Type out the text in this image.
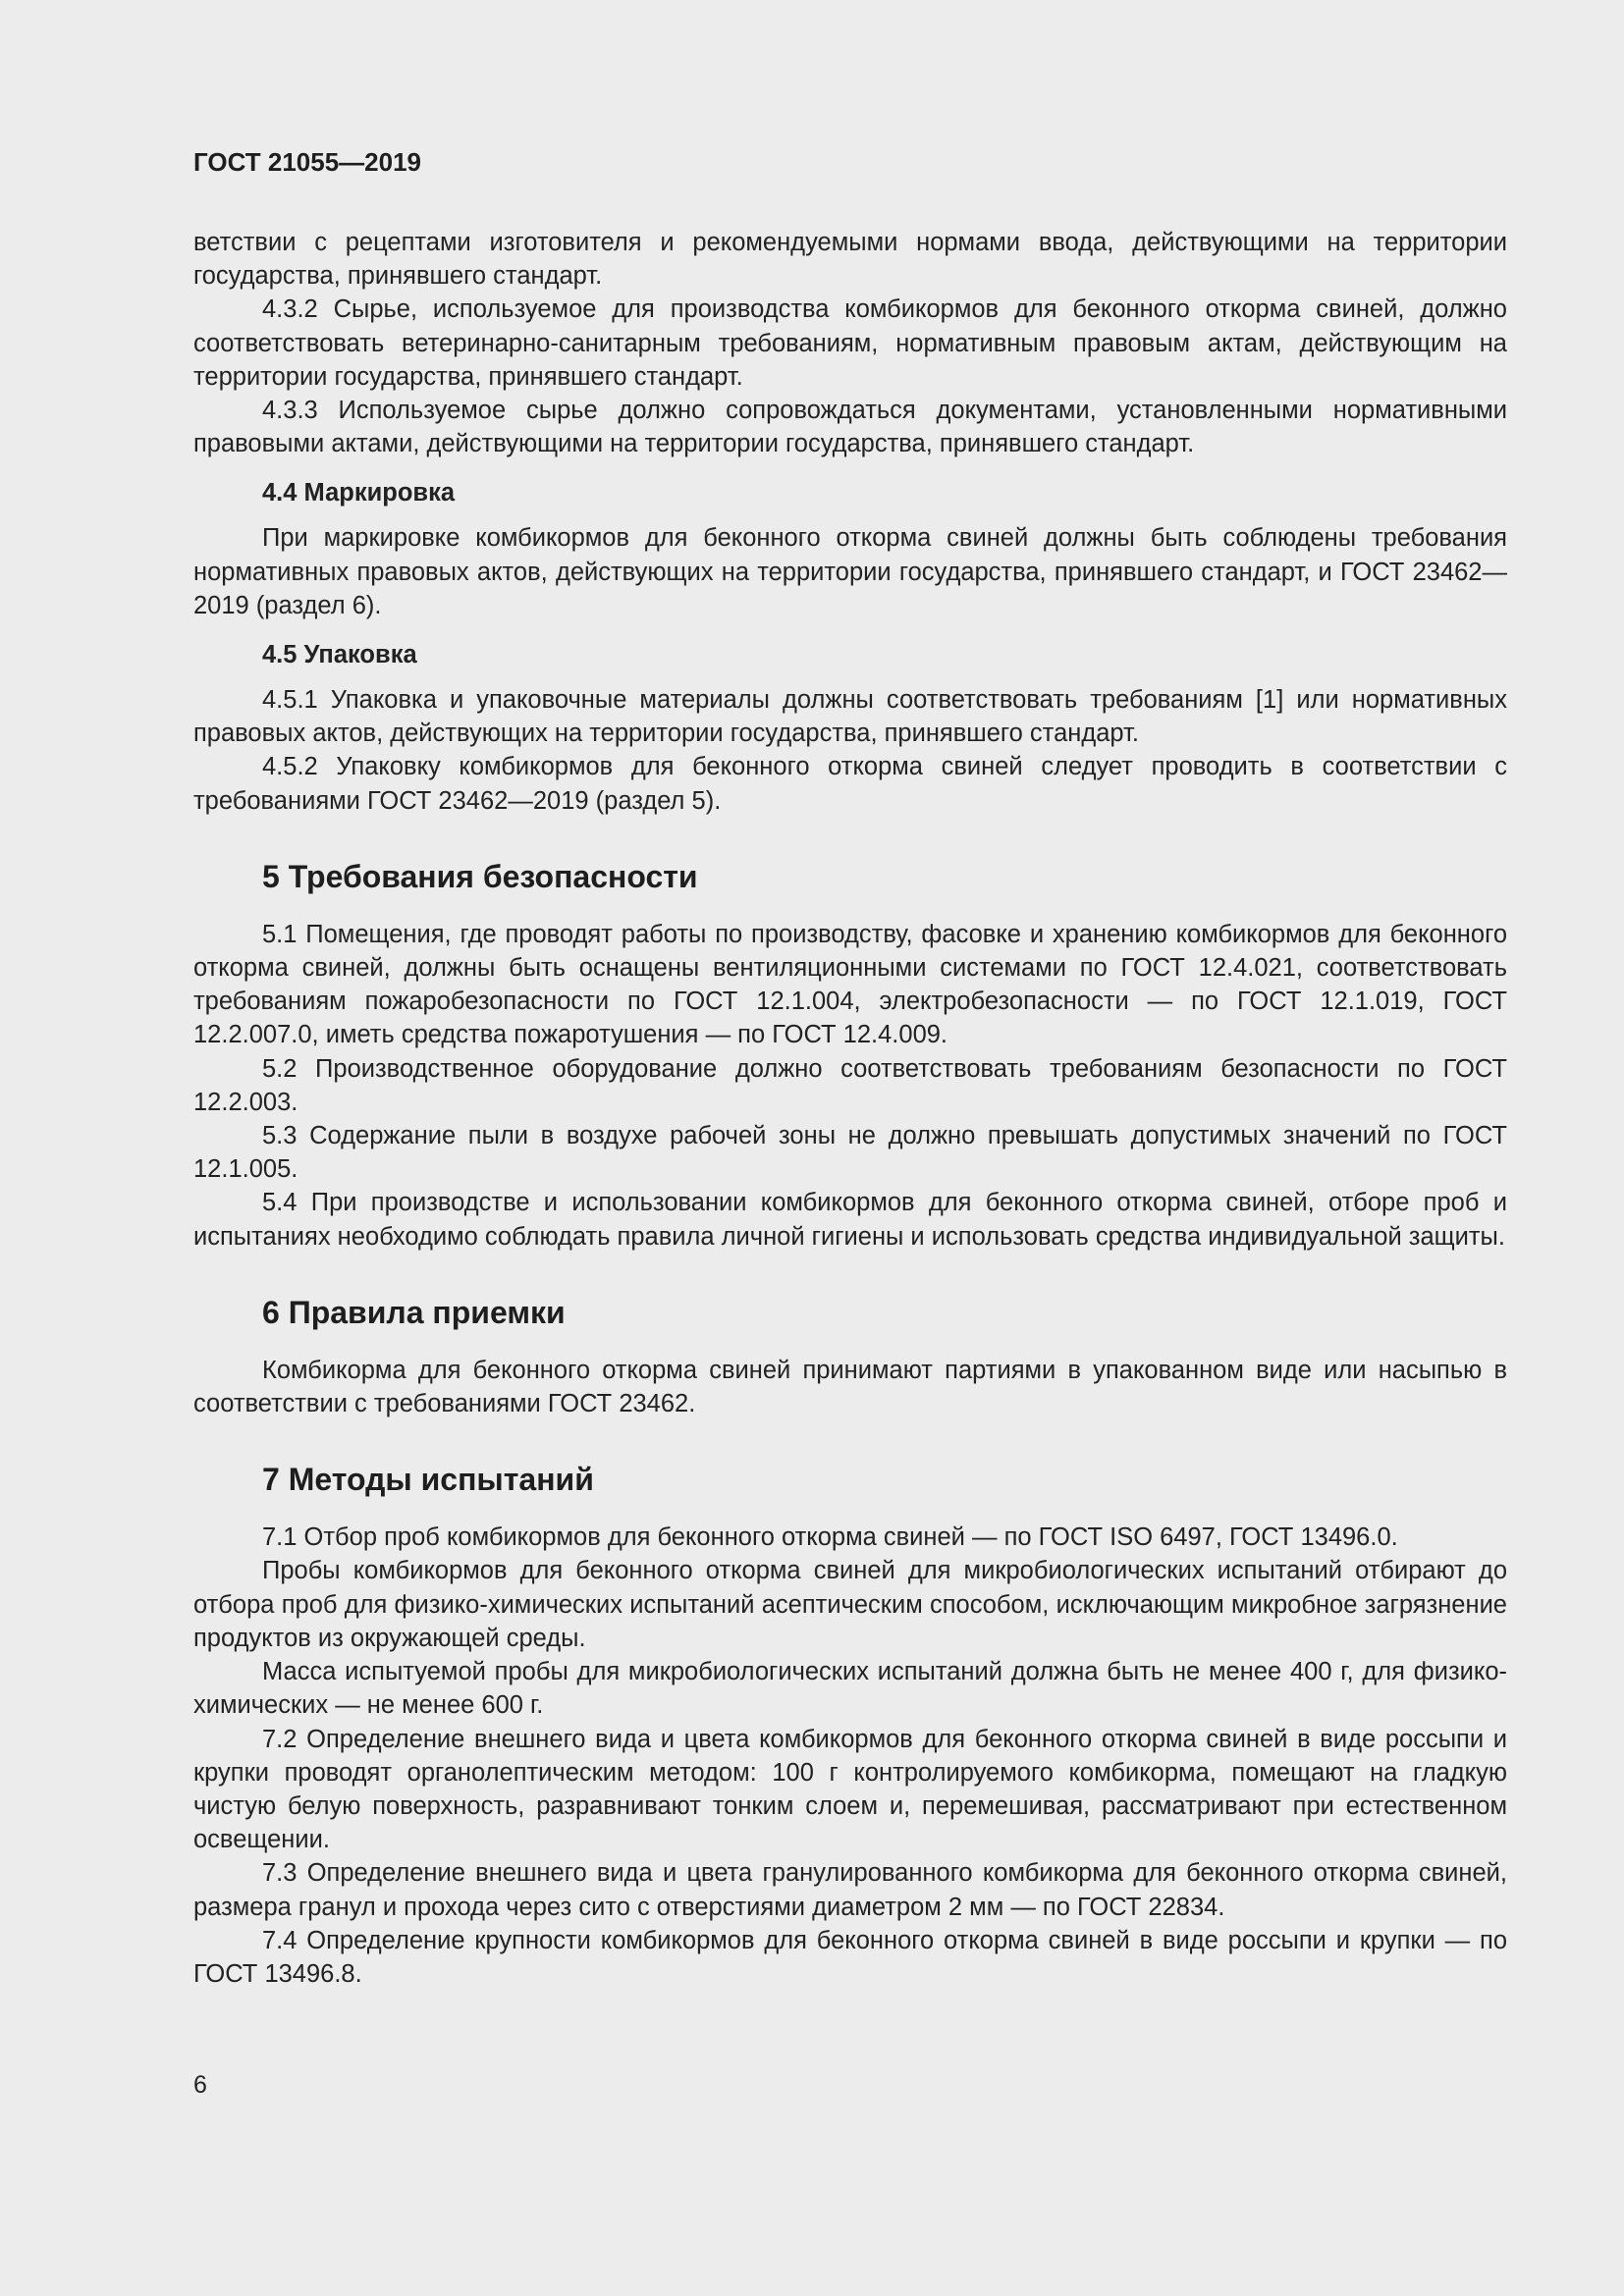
ГОСТ 21055—2019

ветствии с рецептами изготовителя и рекомендуемыми нормами ввода, действующими на территории государства, принявшего стандарт.

4.3.2 Сырье, используемое для производства комбикормов для беконного откорма свиней, должно соответствовать ветеринарно-санитарным требованиям, нормативным правовым актам, действующим на территории государства, принявшего стандарт.

4.3.3 Используемое сырье должно сопровождаться документами, установленными нормативными правовыми актами, действующими на территории государства, принявшего стандарт.

4.4 Маркировка

При маркировке комбикормов для беконного откорма свиней должны быть соблюдены требования нормативных правовых актов, действующих на территории государства, принявшего стандарт, и ГОСТ 23462—2019 (раздел 6).

4.5 Упаковка

4.5.1 Упаковка и упаковочные материалы должны соответствовать требованиям [1] или нормативных правовых актов, действующих на территории государства, принявшего стандарт.

4.5.2 Упаковку комбикормов для беконного откорма свиней следует проводить в соответствии с требованиями ГОСТ 23462—2019 (раздел 5).

5 Требования безопасности

5.1 Помещения, где проводят работы по производству, фасовке и хранению комбикормов для беконного откорма свиней, должны быть оснащены вентиляционными системами по ГОСТ 12.4.021, соответствовать требованиям пожаробезопасности по ГОСТ 12.1.004, электробезопасности — по ГОСТ 12.1.019, ГОСТ 12.2.007.0, иметь средства пожаротушения — по ГОСТ 12.4.009.

5.2 Производственное оборудование должно соответствовать требованиям безопасности по ГОСТ 12.2.003.

5.3 Содержание пыли в воздухе рабочей зоны не должно превышать допустимых значений по ГОСТ 12.1.005.

5.4 При производстве и использовании комбикормов для беконного откорма свиней, отборе проб и испытаниях необходимо соблюдать правила личной гигиены и использовать средства индивидуальной защиты.

6 Правила приемки

Комбикорма для беконного откорма свиней принимают партиями в упакованном виде или насыпью в соответствии с требованиями ГОСТ 23462.

7 Методы испытаний

7.1 Отбор проб комбикормов для беконного откорма свиней — по ГОСТ ISO 6497, ГОСТ 13496.0.

Пробы комбикормов для беконного откорма свиней для микробиологических испытаний отбирают до отбора проб для физико-химических испытаний асептическим способом, исключающим микробное загрязнение продуктов из окружающей среды.

Масса испытуемой пробы для микробиологических испытаний должна быть не менее 400 г, для физико-химических — не менее 600 г.

7.2 Определение внешнего вида и цвета комбикормов для беконного откорма свиней в виде россыпи и крупки проводят органолептическим методом: 100 г контролируемого комбикорма, помещают на гладкую чистую белую поверхность, разравнивают тонким слоем и, перемешивая, рассматривают при естественном освещении.

7.3 Определение внешнего вида и цвета гранулированного комбикорма для беконного откорма свиней, размера гранул и прохода через сито с отверстиями диаметром 2 мм — по ГОСТ 22834.

7.4 Определение крупности комбикормов для беконного откорма свиней в виде россыпи и крупки — по ГОСТ 13496.8.

6
